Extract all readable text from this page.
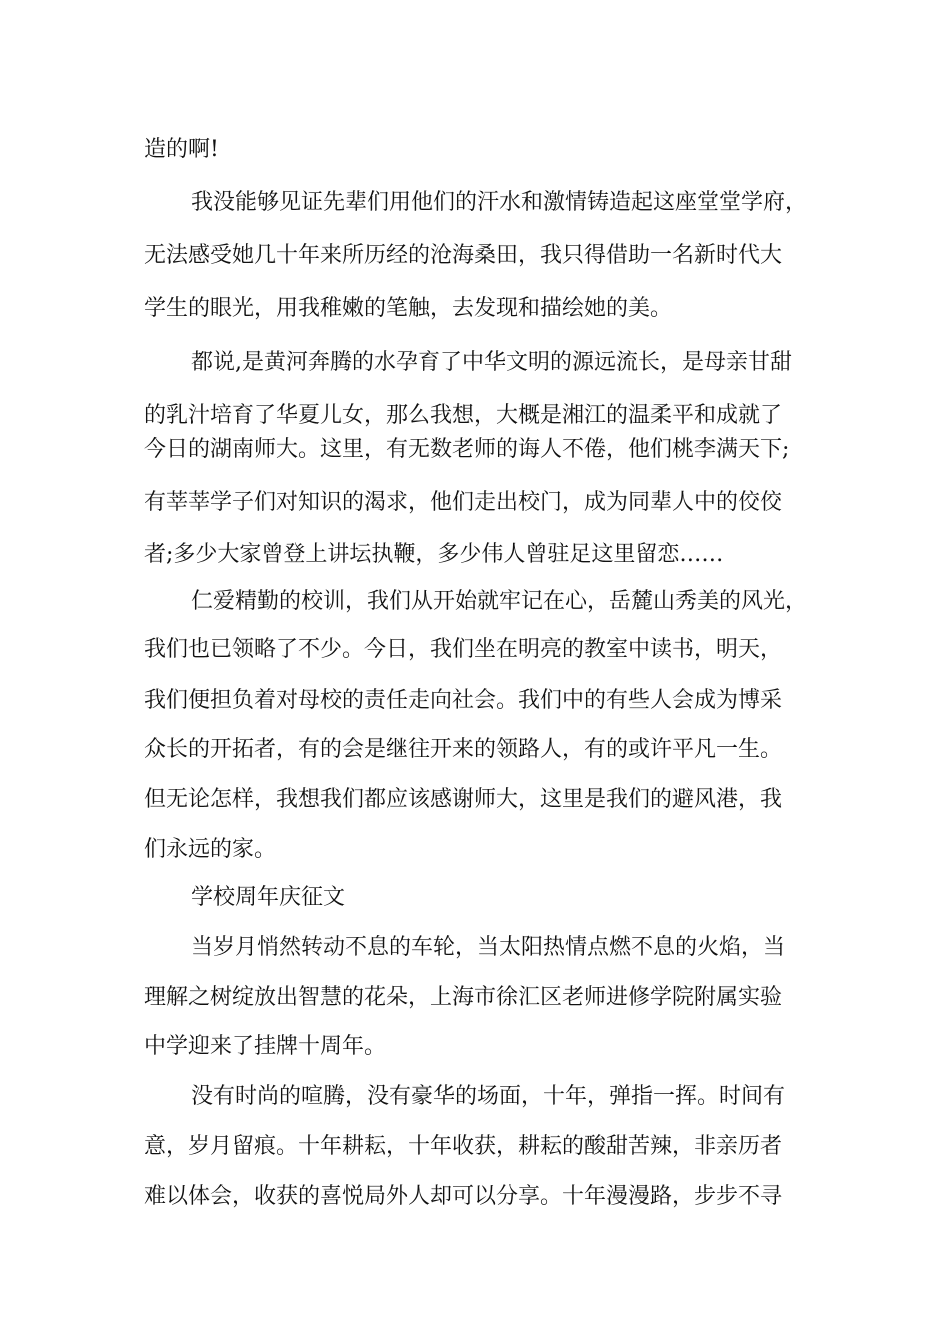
造的啊!
我没能够见证先辈们用他们的汗水和激情铸造起这座堂堂学府，
无法感受她几十年来所历经的沧海桑田，我只得借助一名新时代大
学生的眼光，用我稚嫩的笔触，去发现和描绘她的美。
都说,是黄河奔腾的水孕育了中华文明的源远流长，是母亲甘甜
的乳汁培育了华夏儿女，那么我想，大概是湘江的温柔平和成就了
今日的湖南师大。这里，有无数老师的诲人不倦，他们桃李满天下;
有莘莘学子们对知识的渴求，他们走出校门，成为同辈人中的佼佼
者;多少大家曾登上讲坛执鞭，多少伟人曾驻足这里留恋……
仁爱精勤的校训，我们从开始就牢记在心，岳麓山秀美的风光，
我们也已领略了不少。今日，我们坐在明亮的教室中读书，明天，
我们便担负着对母校的责任走向社会。我们中的有些人会成为博采
众长的开拓者，有的会是继往开来的领路人，有的或许平凡一生。
但无论怎样，我想我们都应该感谢师大，这里是我们的避风港，我
们永远的家。
学校周年庆征文
当岁月悄然转动不息的车轮，当太阳热情点燃不息的火焰，当
理解之树绽放出智慧的花朵，上海市徐汇区老师进修学院附属实验
中学迎来了挂牌十周年。
没有时尚的喧腾，没有豪华的场面，十年，弹指一挥。时间有
意，岁月留痕。十年耕耘，十年收获，耕耘的酸甜苦辣，非亲历者
难以体会，收获的喜悦局外人却可以分享。十年漫漫路，步步不寻
